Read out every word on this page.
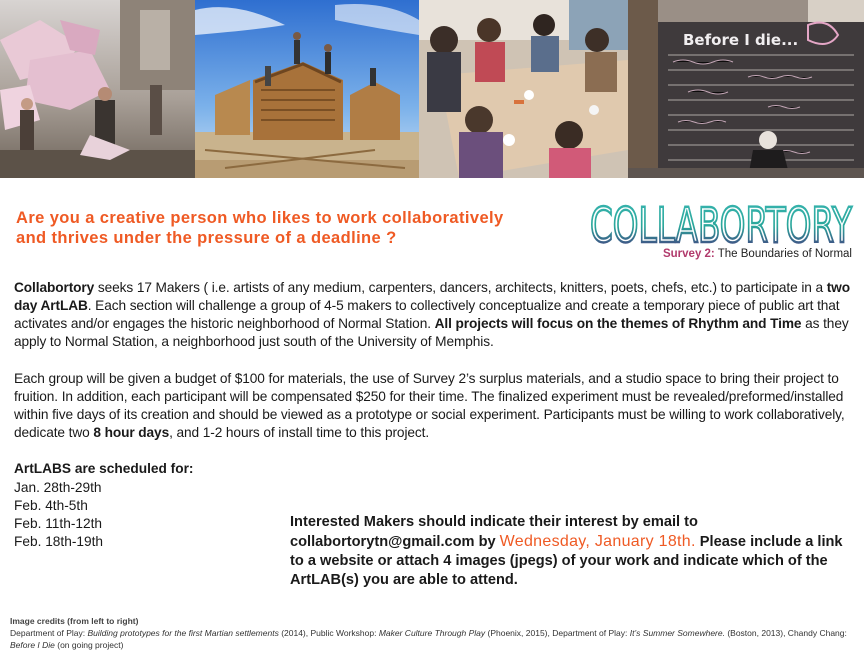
Before I die...
Are you a creative person who likes to work collaboratively
and thrives under the pressure of a deadline ?	COLLABORTORY
Survey 2: The Boundaries of Normal
Collabortory seeks 17 Makers ( i.e. artists of any medium, carpenters, dancers, architects, knitters, poets, chefs, etc.) to participate in a two day ArtLAB. Each section will challenge a group of 4-5 makers to collectively conceptualize and create a temporary piece of public art that activates and/or engages the historic neighborhood of Normal Station. All projects will focus on the themes of Rhythm and Time as they apply to Normal Station, a neighborhood just south of the University of Memphis.
Each group will be given a budget of $100 for materials, the use of Survey 2’s surplus materials, and a studio space to bring their project to fruition. In addition, each participant will be compensated $250 for their time. The finalized experiment must be revealed/preformed/installed within five days of its creation and should be viewed as a prototype or social experiment. Participants must be willing to work collaboratively, dedicate two 8 hour days, and 1-2 hours of install time to this project.
ArtLABS are scheduled for:
Jan. 28th-29th
Feb. 4th-5th
Feb. 11th-12th
Feb. 18th-19th
Interested Makers should indicate their interest by email to collabortorytn@gmail.com by Wednesday, January 18th. Please include a link to a website or attach 4 images (jpegs) of your work and indicate which of the ArtLAB(s) you are able to attend.
Image credits (from left to right)
Department of Play: Building prototypes for the first Martian settlements (2014), Public Workshop: Maker Culture Through Play (Phoenix, 2015), Department of Play: It’s Summer Somewhere. (Boston, 2013), Chandy Chang: Before I Die (on going project)
